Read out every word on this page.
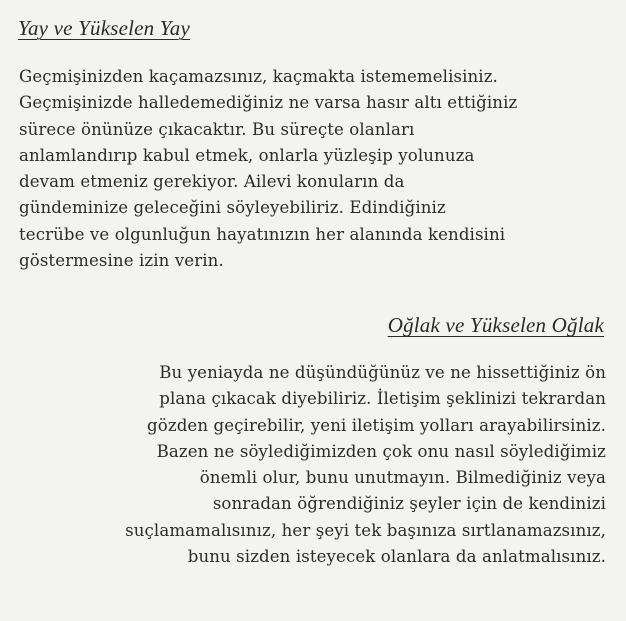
Yay ve Yükselen Yay

Geçmişinizden kaçamazsınız, kaçmakta istememelisiniz.
Geçmişinizde halledemediğiniz ne varsa hasır altı ettiğiniz
sürece önünüze çıkacaktır. Bu süreçte olanları
anlamlandırıp kabul etmek, onlarla yüzleşip yolunuza
devam etmeniz gerekiyor. Ailevi konuların da
gündeminize geleceğini söyleyebiliriz. Edindiğiniz
tecrübe ve olgunluğun hayatınızın her alanında kendisini
göstermesine izin verin.

Oğlak ve Yükselen Oğlak

Bu yeniayda ne düşündüğünüz ve ne hissettiğiniz ön
plana çıkacak diyebiliriz. İletişim şeklinizi tekrardan
gözden geçirebilir, yeni iletişim yolları arayabilirsiniz.
Bazen ne söylediğimizden çok onu nasıl söylediğimiz
önemli olur, bunu unutmayın. Bilmediğiniz veya
sonradan öğrendiğiniz şeyler için de kendinizi
suçlamamalısınız, her şeyi tek başınıza sırtlanamazsınız,
bunu sizden isteyecek olanlara da anlatmalısınız.
